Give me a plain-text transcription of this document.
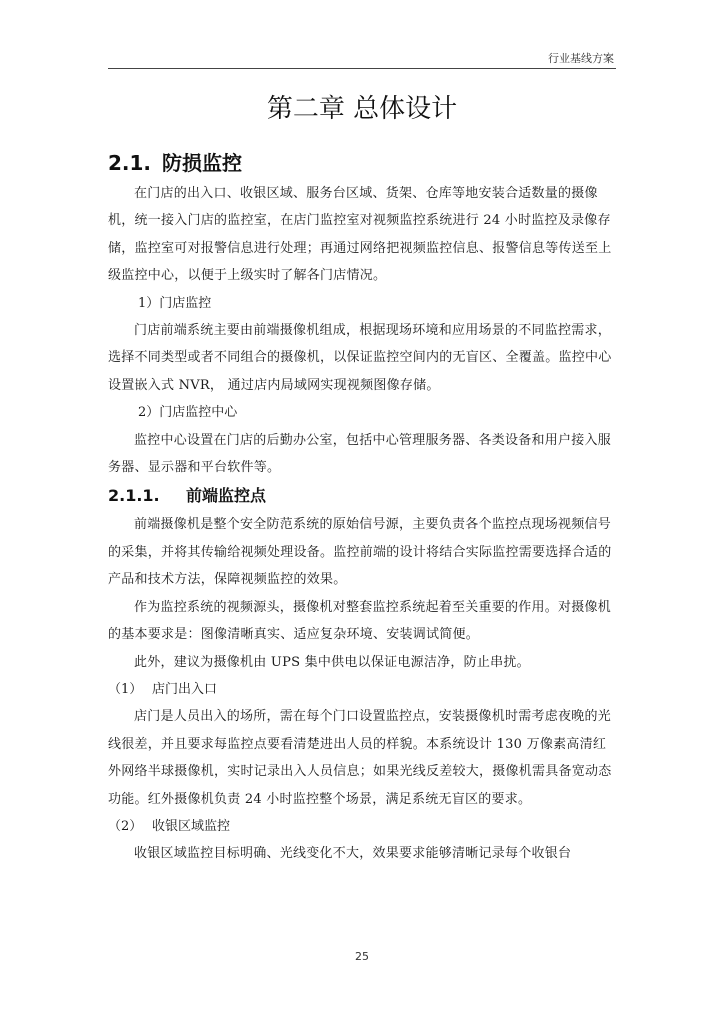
行业基线方案
第二章 总体设计
2.1. 防损监控

在门店的出入口、收银区域、服务台区域、货架、仓库等地安装合适数量的摄像机，统一接入门店的监控室，在店门监控室对视频监控系统进行 24 小时监控及录像存储，监控室可对报警信息进行处理；再通过网络把视频监控信息、报警信息等传送至上级监控中心，以便于上级实时了解各门店情况。

1）门店监控

门店前端系统主要由前端摄像机组成，根据现场环境和应用场景的不同监控需求，选择不同类型或者不同组合的摄像机，以保证监控空间内的无盲区、全覆盖。监控中心设置嵌入式 NVR， 通过店内局域网实现视频图像存储。

2）门店监控中心

监控中心设置在门店的后勤办公室，包括中心管理服务器、各类设备和用户接入服务器、显示器和平台软件等。

2.1.1. 前端监控点

前端摄像机是整个安全防范系统的原始信号源，主要负责各个监控点现场视频信号的采集，并将其传输给视频处理设备。监控前端的设计将结合实际监控需要选择合适的产品和技术方法，保障视频监控的效果。

作为监控系统的视频源头，摄像机对整套监控系统起着至关重要的作用。对摄像机的基本要求是：图像清晰真实、适应复杂环境、安装调试简便。

此外，建议为摄像机由 UPS 集中供电以保证电源洁净，防止串扰。

（1） 店门出入口

店门是人员出入的场所，需在每个门口设置监控点，安装摄像机时需考虑夜晚的光线很差，并且要求每监控点要看清楚进出人员的样貌。本系统设计 130 万像素高清红外网络半球摄像机，实时记录出入人员信息；如果光线反差较大，摄像机需具备宽动态功能。红外摄像机负责 24 小时监控整个场景，满足系统无盲区的要求。

（2） 收银区域监控

收银区域监控目标明确、光线变化不大，效果要求能够清晰记录每个收银台

25
